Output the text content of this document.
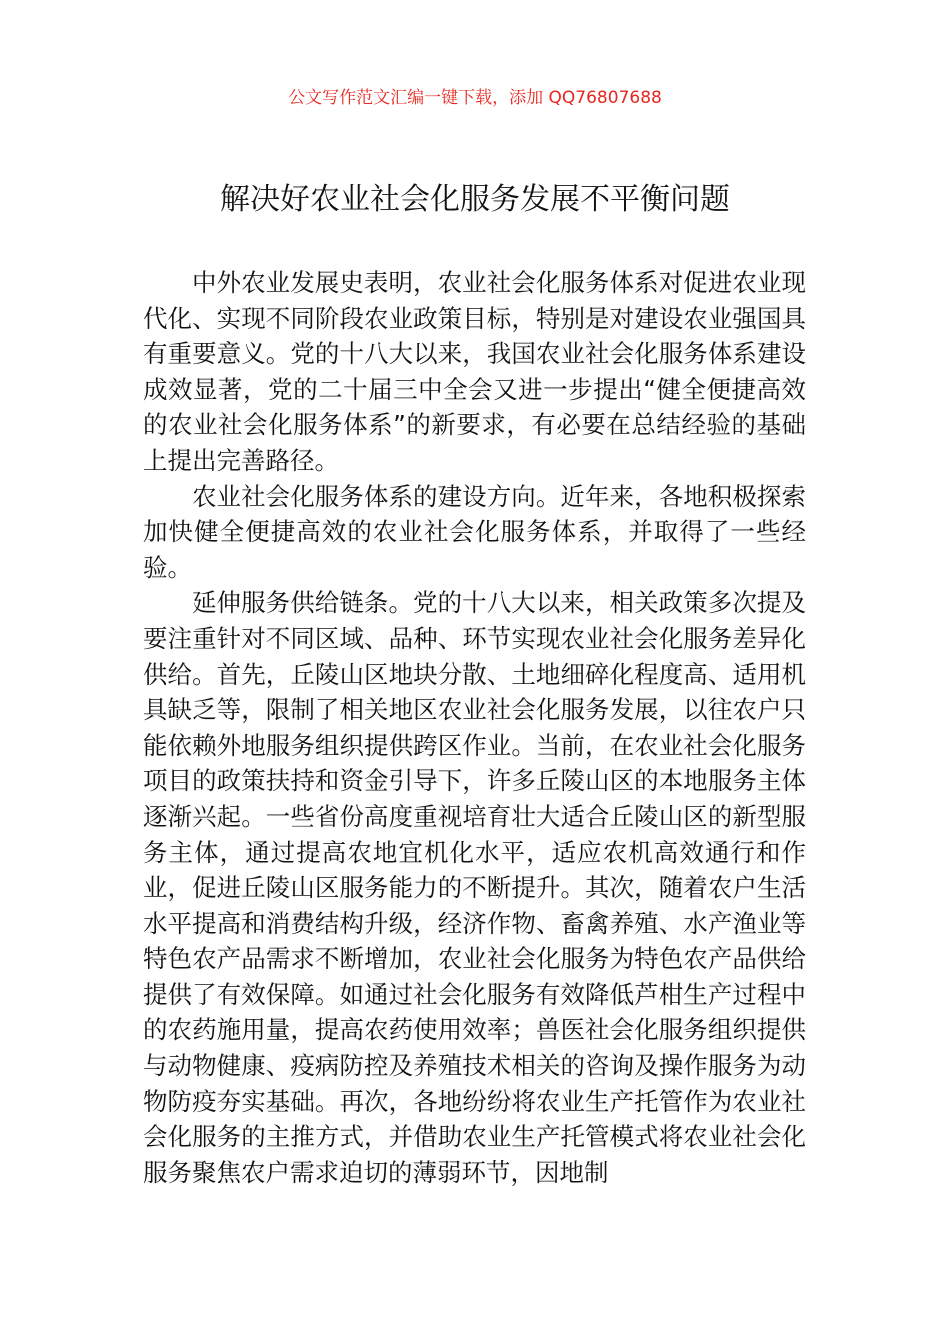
公文写作范文汇编一键下载，添加 QQ76807688
解决好农业社会化服务发展不平衡问题

中外农业发展史表明，农业社会化服务体系对促进农业现代化、实现不同阶段农业政策目标，特别是对建设农业强国具有重要意义。党的十八大以来，我国农业社会化服务体系建设成效显著，党的二十届三中全会又进一步提出“健全便捷高效的农业社会化服务体系”的新要求，有必要在总结经验的基础上提出完善路径。

农业社会化服务体系的建设方向。近年来，各地积极探索加快健全便捷高效的农业社会化服务体系，并取得了一些经验。

延伸服务供给链条。党的十八大以来，相关政策多次提及要注重针对不同区域、品种、环节实现农业社会化服务差异化供给。首先，丘陵山区地块分散、土地细碎化程度高、适用机具缺乏等，限制了相关地区农业社会化服务发展，以往农户只能依赖外地服务组织提供跨区作业。当前，在农业社会化服务项目的政策扶持和资金引导下，许多丘陵山区的本地服务主体逐渐兴起。一些省份高度重视培育壮大适合丘陵山区的新型服务主体，通过提高农地宜机化水平，适应农机高效通行和作业，促进丘陵山区服务能力的不断提升。其次，随着农户生活水平提高和消费结构升级，经济作物、畜禽养殖、水产渔业等特色农产品需求不断增加，农业社会化服务为特色农产品供给提供了有效保障。如通过社会化服务有效降低芦柑生产过程中的农药施用量，提高农药使用效率；兽医社会化服务组织提供与动物健康、疫病防控及养殖技术相关的咨询及操作服务为动物防疫夯实基础。再次，各地纷纷将农业生产托管作为农业社会化服务的主推方式，并借助农业生产托管模式将农业社会化服务聚焦农户需求迫切的薄弱环节，因地制
